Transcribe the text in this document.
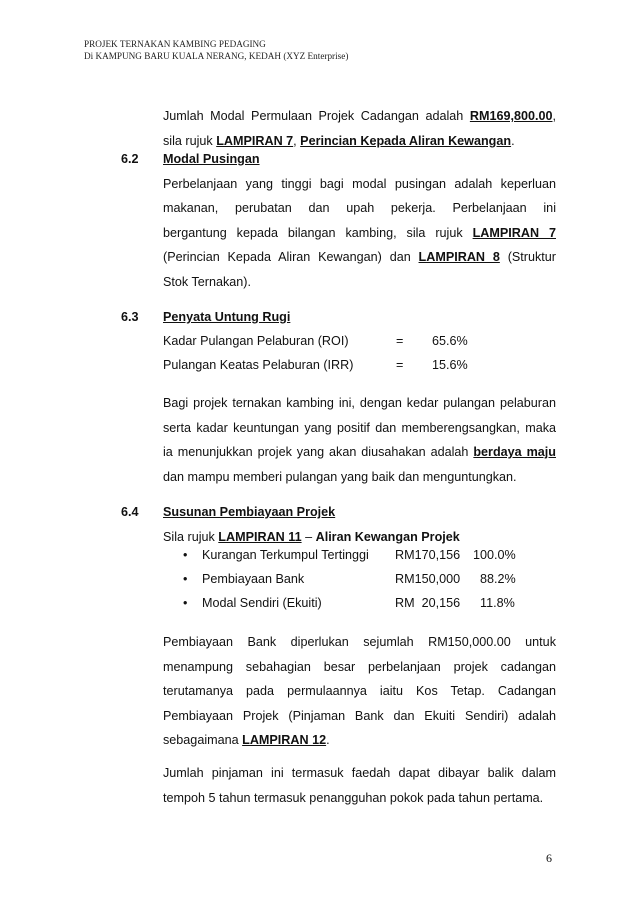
PROJEK TERNAKAN KAMBING PEDAGING
Di KAMPUNG BARU KUALA NERANG, KEDAH (XYZ Enterprise)
Jumlah Modal Permulaan Projek Cadangan adalah RM169,800.00,
sila rujuk LAMPIRAN 7, Perincian Kepada Aliran Kewangan.
6.2 Modal Pusingan
Perbelanjaan yang tinggi bagi modal pusingan adalah keperluan
makanan, perubatan dan upah pekerja. Perbelanjaan ini
bergantung kepada bilangan kambing, sila rujuk LAMPIRAN 7
(Perincian Kepada Aliran Kewangan) dan LAMPIRAN 8 (Struktur
Stok Ternakan).
6.3 Penyata Untung Rugi
Kadar Pulangan Pelaburan (ROI)	= 65.6%
Pulangan Keatas Pelaburan (IRR)	= 15.6%
Bagi projek ternakan kambing ini, dengan kedar pulangan pelaburan
serta kadar keuntungan yang positif dan memberengsangkan, maka
ia menunjukkan projek yang akan diusahakan adalah berdaya maju
dan mampu memberi pulangan yang baik dan menguntungkan.
6.4 Susunan Pembiayaan Projek
Sila rujuk LAMPIRAN 11 – Aliran Kewangan Projek
• Kurangan Terkumpul Tertinggi RM170,156 100.0%
• Pembiayaan Bank	RM150,000 88.2%
• Modal Sendiri (Ekuiti)	RM  20,156 11.8%
Pembiayaan Bank diperlukan sejumlah RM150,000.00 untuk
menampung sebahagian besar perbelanjaan projek cadangan
terutamanya pada permulaannya iaitu Kos Tetap. Cadangan
Pembiayaan Projek (Pinjaman Bank dan Ekuiti Sendiri) adalah
sebagaimana LAMPIRAN 12.
Jumlah pinjaman ini termasuk faedah dapat dibayar balik dalam
tempoh 5 tahun termasuk penangguhan pokok pada tahun pertama.
6
